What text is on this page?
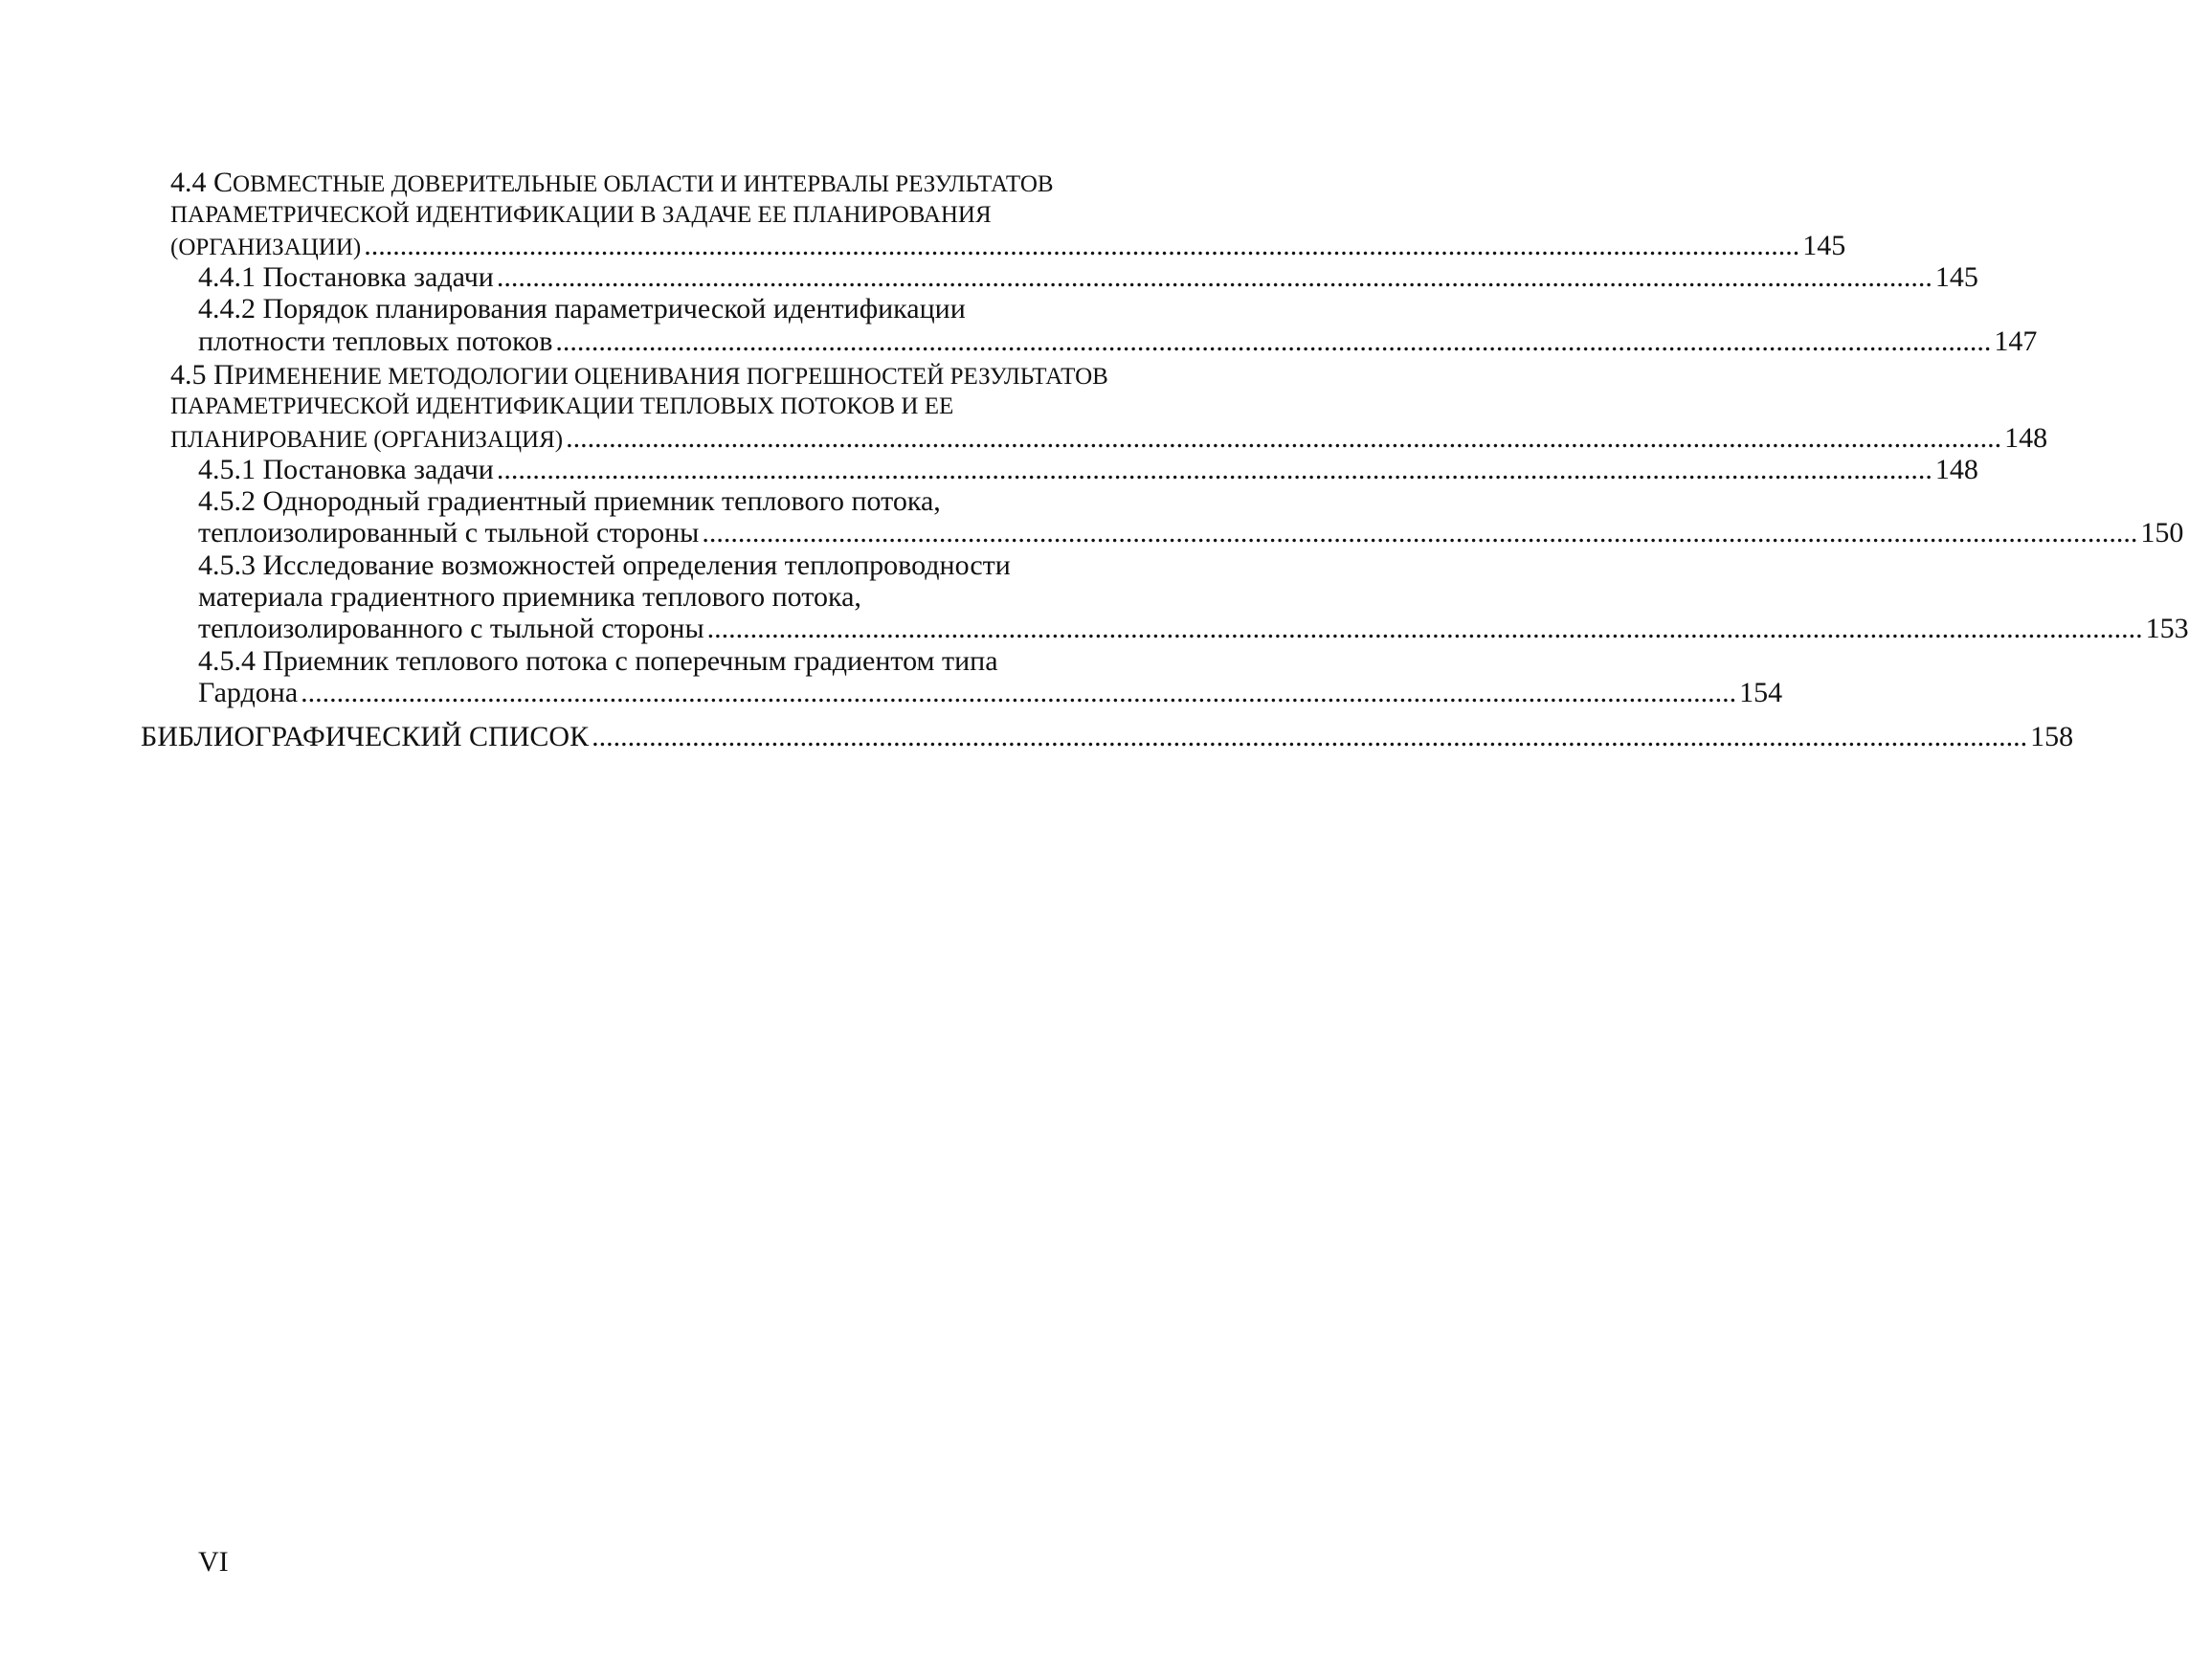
4.4 СОВМЕСТНЫЕ ДОВЕРИТЕЛЬНЫЕ ОБЛАСТИ И ИНТЕРВАЛЫ РЕЗУЛЬТАТОВ
ПАРАМЕТРИЧЕСКОЙ ИДЕНТИФИКАЦИИ В ЗАДАЧЕ ЕЕ ПЛАНИРОВАНИЯ
(ОРГАНИЗАЦИИ) ........................................................................................................................................................................................................ 145
4.4.1 Постановка задачи ........................................................................................................................................................................................................ 145
4.4.2 Порядок планирования параметрической идентификации
плотности тепловых потоков ........................................................................................................................................................................................................ 147
4.5 ПРИМЕНЕНИЕ МЕТОДОЛОГИИ ОЦЕНИВАНИЯ ПОГРЕШНОСТЕЙ РЕЗУЛЬТАТОВ
ПАРАМЕТРИЧЕСКОЙ ИДЕНТИФИКАЦИИ ТЕПЛОВЫХ ПОТОКОВ И ЕЕ
ПЛАНИРОВАНИЕ (ОРГАНИЗАЦИЯ) ........................................................................................................................................................................................................ 148
4.5.1 Постановка задачи ........................................................................................................................................................................................................ 148
4.5.2 Однородный градиентный приемник теплового потока,
теплоизолированный с тыльной стороны ........................................................................................................................................................................................................ 150
4.5.3 Исследование возможностей определения теплопроводности
материала градиентного приемника теплового потока,
теплоизолированного с тыльной стороны ........................................................................................................................................................................................................ 153
4.5.4 Приемник теплового потока с поперечным градиентом типа
Гардона ........................................................................................................................................................................................................ 154
БИБЛИОГРАФИЧЕСКИЙ СПИСОК ........................................................................................................................................................................................................ 158
VI
